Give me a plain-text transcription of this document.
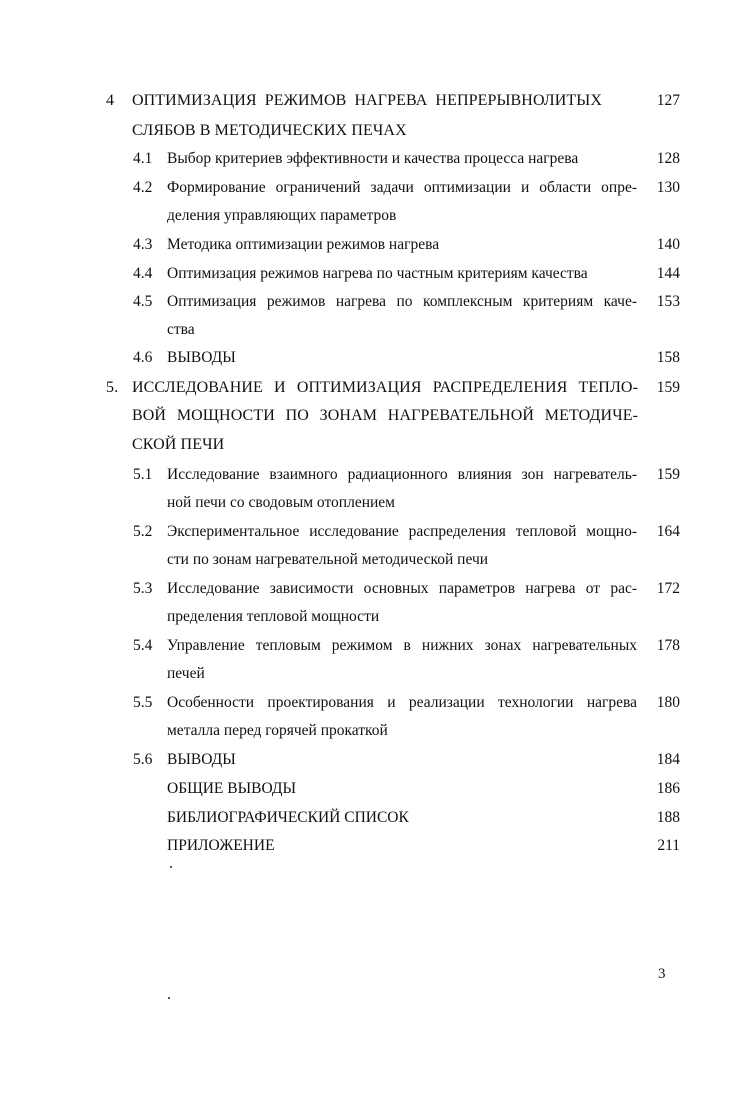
4 ОПТИМИЗАЦИЯ РЕЖИМОВ НАГРЕВА НЕПРЕРЫВНОЛИТЫХ	127
СЛЯБОВ В МЕТОДИЧЕСКИХ ПЕЧАХ
4.1 Выбор критериев эффективности и качества процесса нагрева	128
4.2 Формирование ограничений задачи оптимизации и области опре-	130
деления управляющих параметров
4.3 Методика оптимизации режимов нагрева	140
4.4 Оптимизация режимов нагрева по частным критериям качества	144
4.5 Оптимизация режимов нагрева по комплексным критериям каче-	153
ства
4.6 ВЫВОДЫ	158
5. ИССЛЕДОВАНИЕ И ОПТИМИЗАЦИЯ РАСПРЕДЕЛЕНИЯ ТЕПЛО-	159
ВОЙ МОЩНОСТИ ПО ЗОНАМ НАГРЕВАТЕЛЬНОЙ МЕТОДИЧЕ-
СКОЙ ПЕЧИ
5.1 Исследование взаимного радиационного влияния зон нагреватель-	159
ной печи со сводовым отоплением
5.2 Экспериментальное исследование распределения тепловой мощно-	164
сти по зонам нагревательной методической печи
5.3 Исследование зависимости основных параметров нагрева от рас-	172
пределения тепловой мощности
5.4 Управление тепловым режимом в нижних зонах нагревательных	178
печей
5.5 Особенности проектирования и реализации технологии нагрева	180
металла перед горячей прокаткой
5.6 ВЫВОДЫ	184
ОБЩИЕ ВЫВОДЫ	186
БИБЛИОГРАФИЧЕСКИЙ СПИСОК	188
ПРИЛОЖЕНИЕ	211
3
